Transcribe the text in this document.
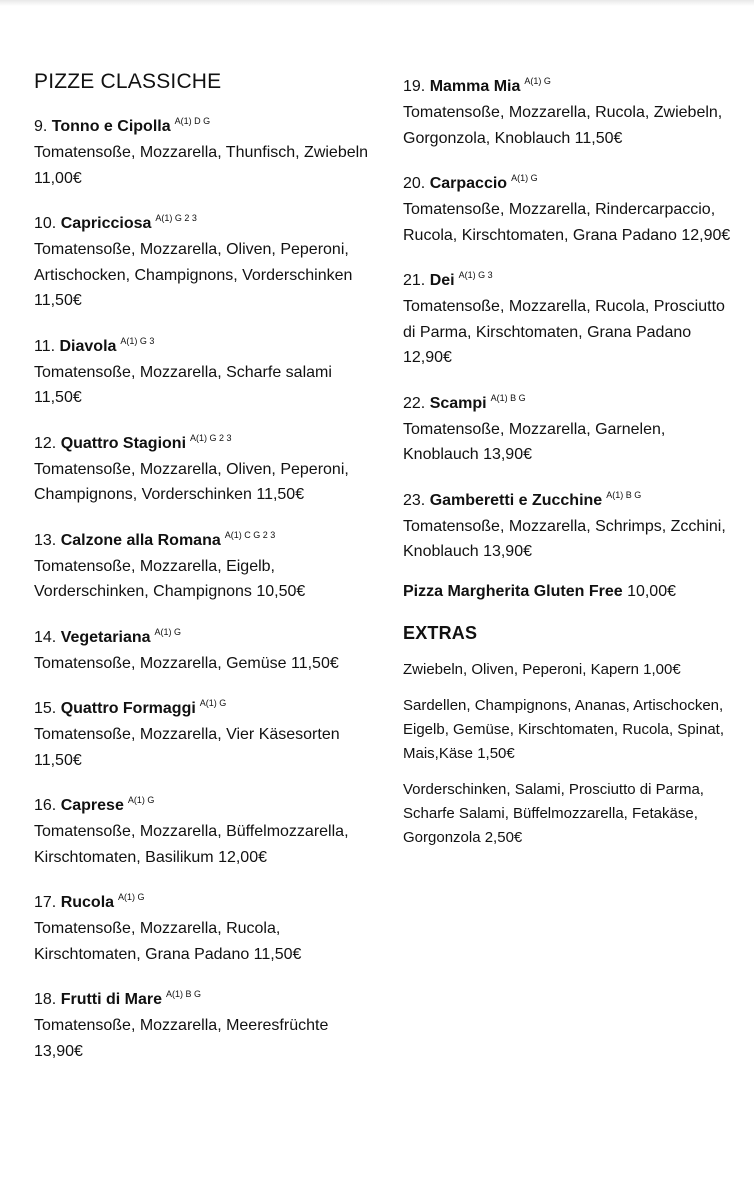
PIZZE CLASSICHE
9. Tonno e Cipolla $^{A(1) D G}$
Tomatensoße, Mozzarella, Thunfisch, Zwiebeln 11,00€
10. Capricciosa $^{A(1) G 2 3}$
Tomatensoße, Mozzarella, Oliven, Peperoni, Artischocken, Champignons, Vorderschinken 11,50€
11. Diavola $^{A(1) G 3}$
Tomatensoße, Mozzarella, Scharfe salami 11,50€
12. Quattro Stagioni $^{A(1) G 2 3}$
Tomatensoße, Mozzarella, Oliven, Peperoni, Champignons, Vorderschinken 11,50€
13. Calzone alla Romana $^{A(1) C G 2 3}$
Tomatensoße, Mozzarella, Eigelb, Vorderschinken, Champignons 10,50€
14. Vegetariana $^{A(1) G}$
Tomatensoße, Mozzarella, Gemüse 11,50€
15. Quattro Formaggi $^{A(1) G}$
Tomatensoße, Mozzarella, Vier Käsesorten 11,50€
16. Caprese $^{A(1) G}$
Tomatensoße, Mozzarella, Büffelmozzarella, Kirschtomaten, Basilikum 12,00€
17. Rucola $^{A(1) G}$
Tomatensoße, Mozzarella, Rucola, Kirschtomaten, Grana Padano 11,50€
18. Frutti di Mare $^{A(1) B G}$
Tomatensoße, Mozzarella, Meeresfrüchte 13,90€
19. Mamma Mia $^{A(1) G}$
Tomatensoße, Mozzarella, Rucola, Zwiebeln, Gorgonzola, Knoblauch 11,50€
20. Carpaccio $^{A(1) G}$
Tomatensoße, Mozzarella, Rindercarpaccio, Rucola, Kirschtomaten, Grana Padano 12,90€
21. Dei $^{A(1) G 3}$
Tomatensoße, Mozzarella, Rucola, Prosciutto di Parma, Kirschtomaten, Grana Padano 12,90€
22. Scampi $^{A(1) B G}$
Tomatensoße, Mozzarella, Garnelen, Knoblauch 13,90€
23. Gamberetti e Zucchine $^{A(1) B G}$
Tomatensoße, Mozzarella, Schrimps, Zcchini, Knoblauch 13,90€
Pizza Margherita Gluten Free 10,00€
EXTRAS
Zwiebeln, Oliven, Peperoni, Kapern 1,00€
Sardellen, Champignons, Ananas, Artischocken, Eigelb, Gemüse, Kirschtomaten, Rucola, Spinat, Mais,Käse 1,50€
Vorderschinken, Salami, Prosciutto di Parma, Scharfe Salami, Büffelmozzarella, Fetakäse, Gorgonzola 2,50€
